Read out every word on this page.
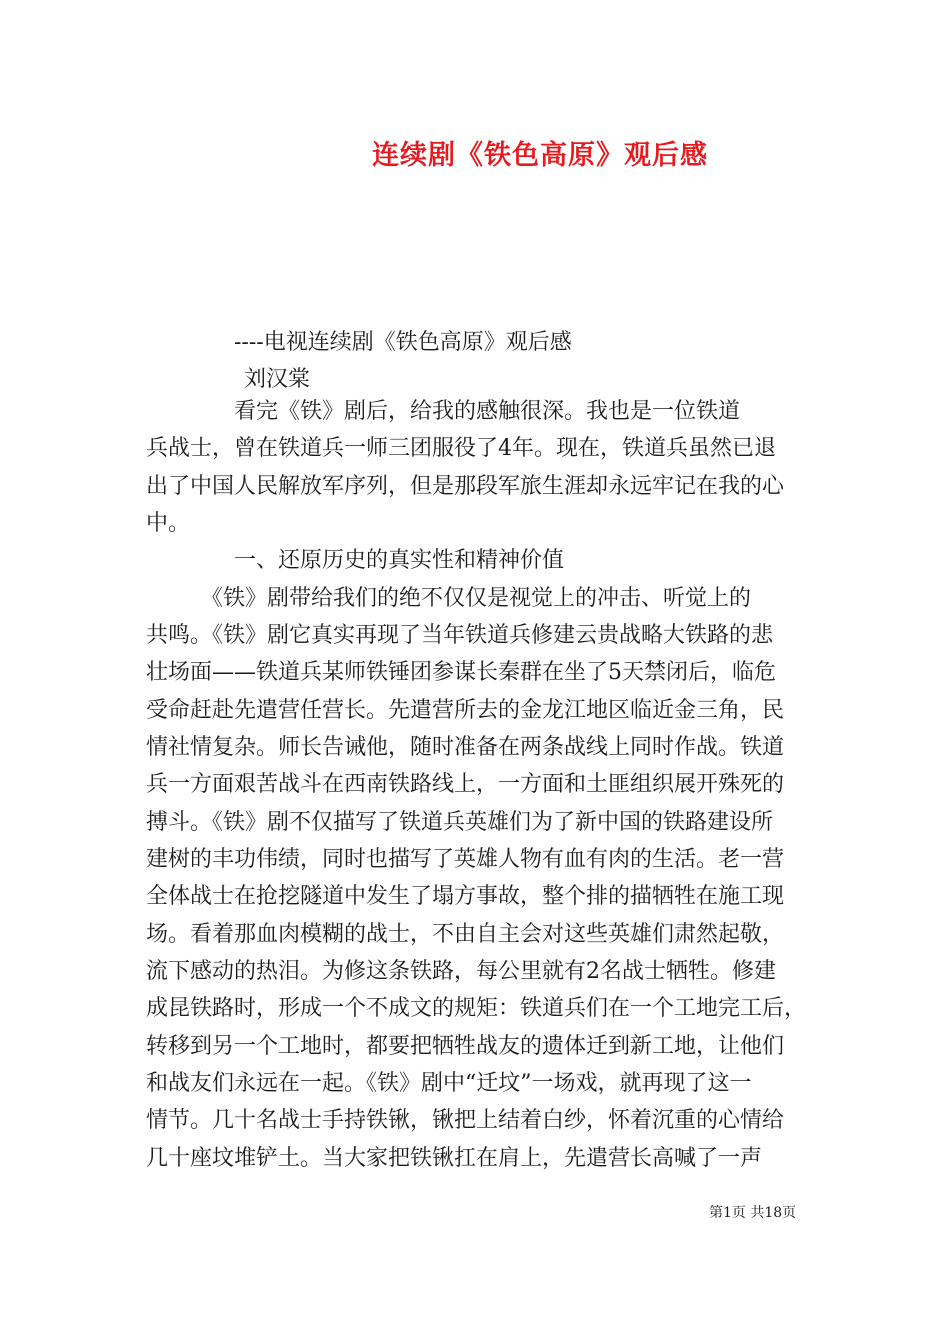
连续剧《铁色高原》观后感
----电视连续剧《铁色高原》观后感
刘汉棠
　　　　看完《铁》剧后，给我的感触很深。我也是一位铁道
兵战士，曾在铁道兵一师三团服役了4年。现在，铁道兵虽然已退
出了中国人民解放军序列，但是那段军旅生涯却永远牢记在我的心
中。
　　　　一、还原历史的真实性和精神价值
　　　《铁》剧带给我们的绝不仅仅是视觉上的冲击、听觉上的
共鸣。《铁》剧它真实再现了当年铁道兵修建云贵战略大铁路的悲
壮场面——铁道兵某师铁锤团参谋长秦群在坐了5天禁闭后，临危
受命赶赴先遣营任营长。先遣营所去的金龙江地区临近金三角，民
情社情复杂。师长告诫他，随时准备在两条战线上同时作战。铁道
兵一方面艰苦战斗在西南铁路线上，一方面和土匪组织展开殊死的
搏斗。《铁》剧不仅描写了铁道兵英雄们为了新中国的铁路建设所
建树的丰功伟绩，同时也描写了英雄人物有血有肉的生活。老一营
全体战士在抢挖隧道中发生了塌方事故，整个排的描牺牲在施工现
场。看着那血肉模糊的战士，不由自主会对这些英雄们肃然起敬，
流下感动的热泪。为修这条铁路，每公里就有2名战士牺牲。修建
成昆铁路时，形成一个不成文的规矩：铁道兵们在一个工地完工后，
转移到另一个工地时，都要把牺牲战友的遗体迁到新工地，让他们
和战友们永远在一起。《铁》剧中“迁坟”一场戏，就再现了这一
情节。几十名战士手持铁锹，锹把上结着白纱，怀着沉重的心情给
几十座坟堆铲土。当大家把铁锹扛在肩上，先遣营长高喊了一声
第1页 共18页
